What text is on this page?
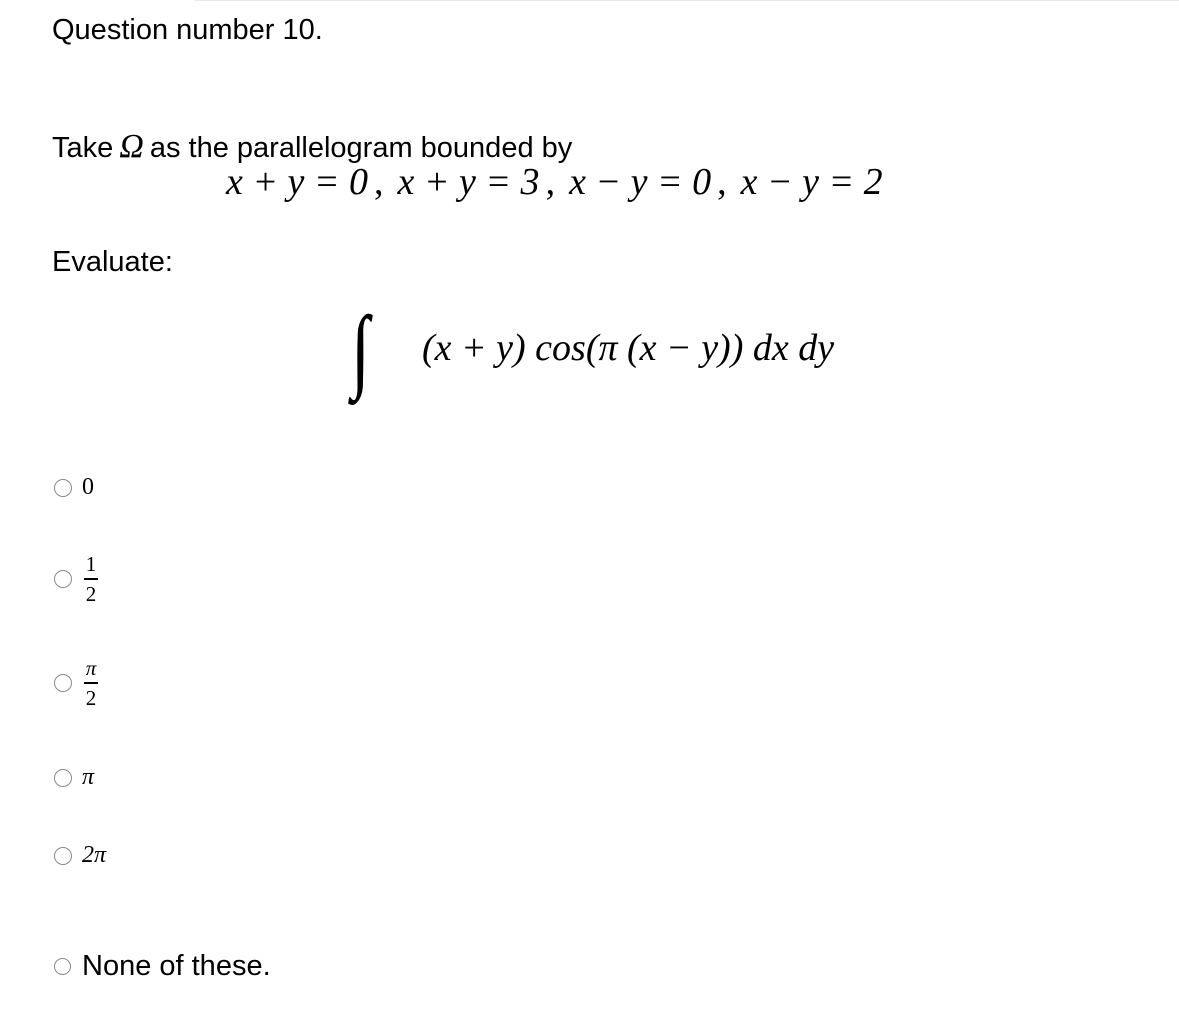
Question number 10.
Take Ω as the parallelogram bounded by
x + y = 0 , x + y = 3 , x − y = 0 , x − y = 2
Evaluate:
(x + y) cos(π (x − y)) dx dy
0
$\frac{1}{2}$
$\frac{\pi}{2}$
π
2π
None of these.
